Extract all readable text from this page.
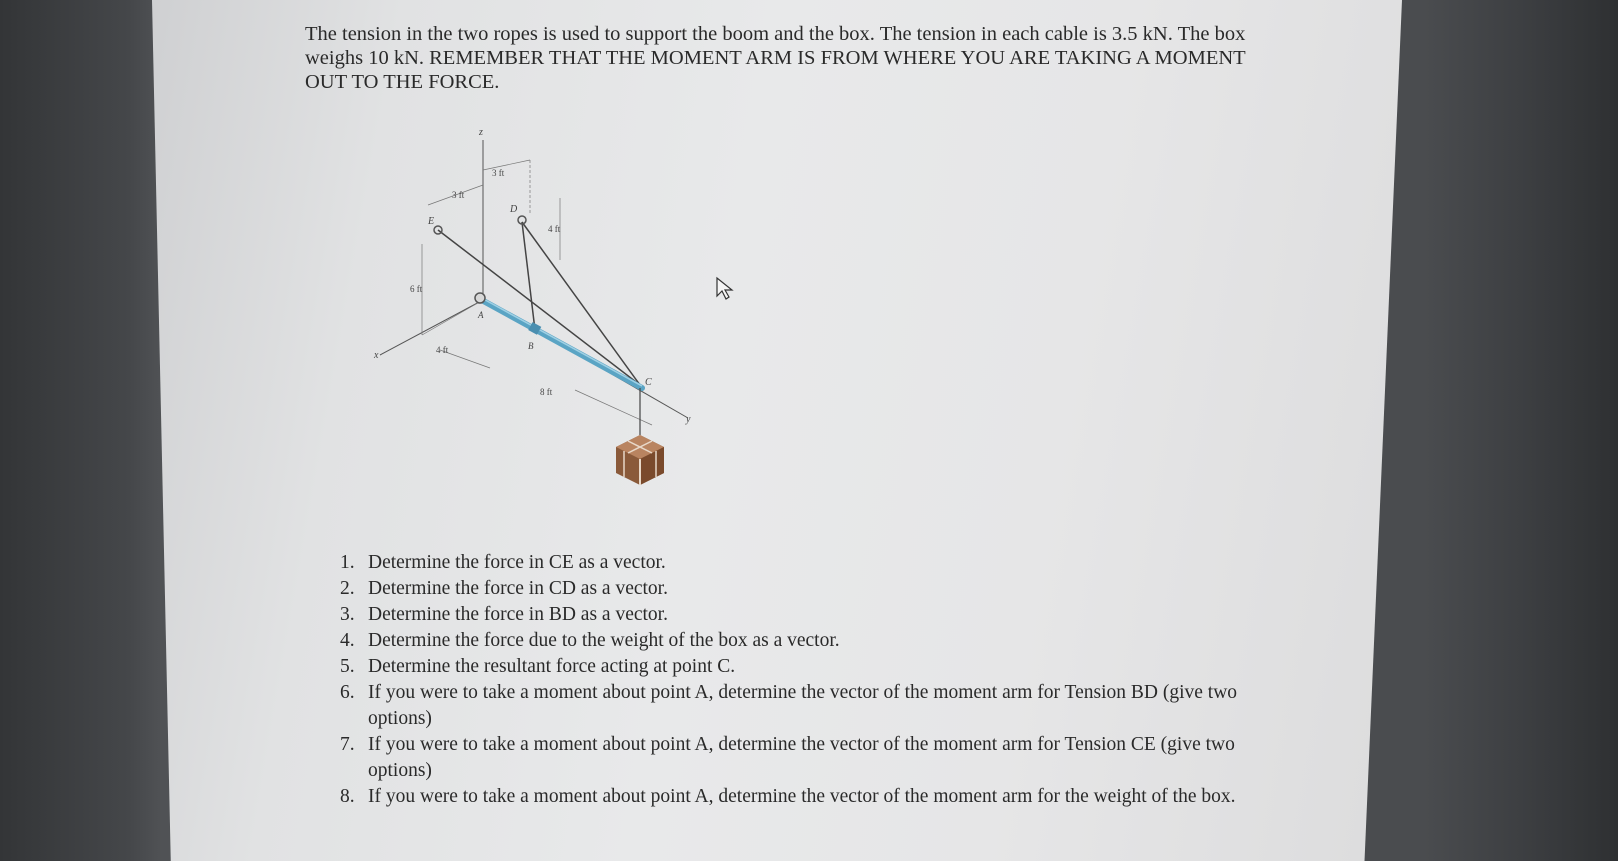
The tension in the two ropes is used to support the boom and the box. The tension in each cable is 3.5 kN. The box weighs 10 kN. REMEMBER THAT THE MOMENT ARM IS FROM WHERE YOU ARE TAKING A MOMENT OUT TO THE FORCE.

z
x
y
E
D
A
B
C
3 ft
3 ft
4 ft
6 ft
4 ft
8 ft
1. Determine the force in CE as a vector.
2. Determine the force in CD as a vector.
3. Determine the force in BD as a vector.
4. Determine the force due to the weight of the box as a vector.
5. Determine the resultant force acting at point C.
6. If you were to take a moment about point A, determine the vector of the moment arm for Tension BD (give two options)
7. If you were to take a moment about point A, determine the vector of the moment arm for Tension CE (give two options)
8. If you were to take a moment about point A, determine the vector of the moment arm for the weight of the box.
